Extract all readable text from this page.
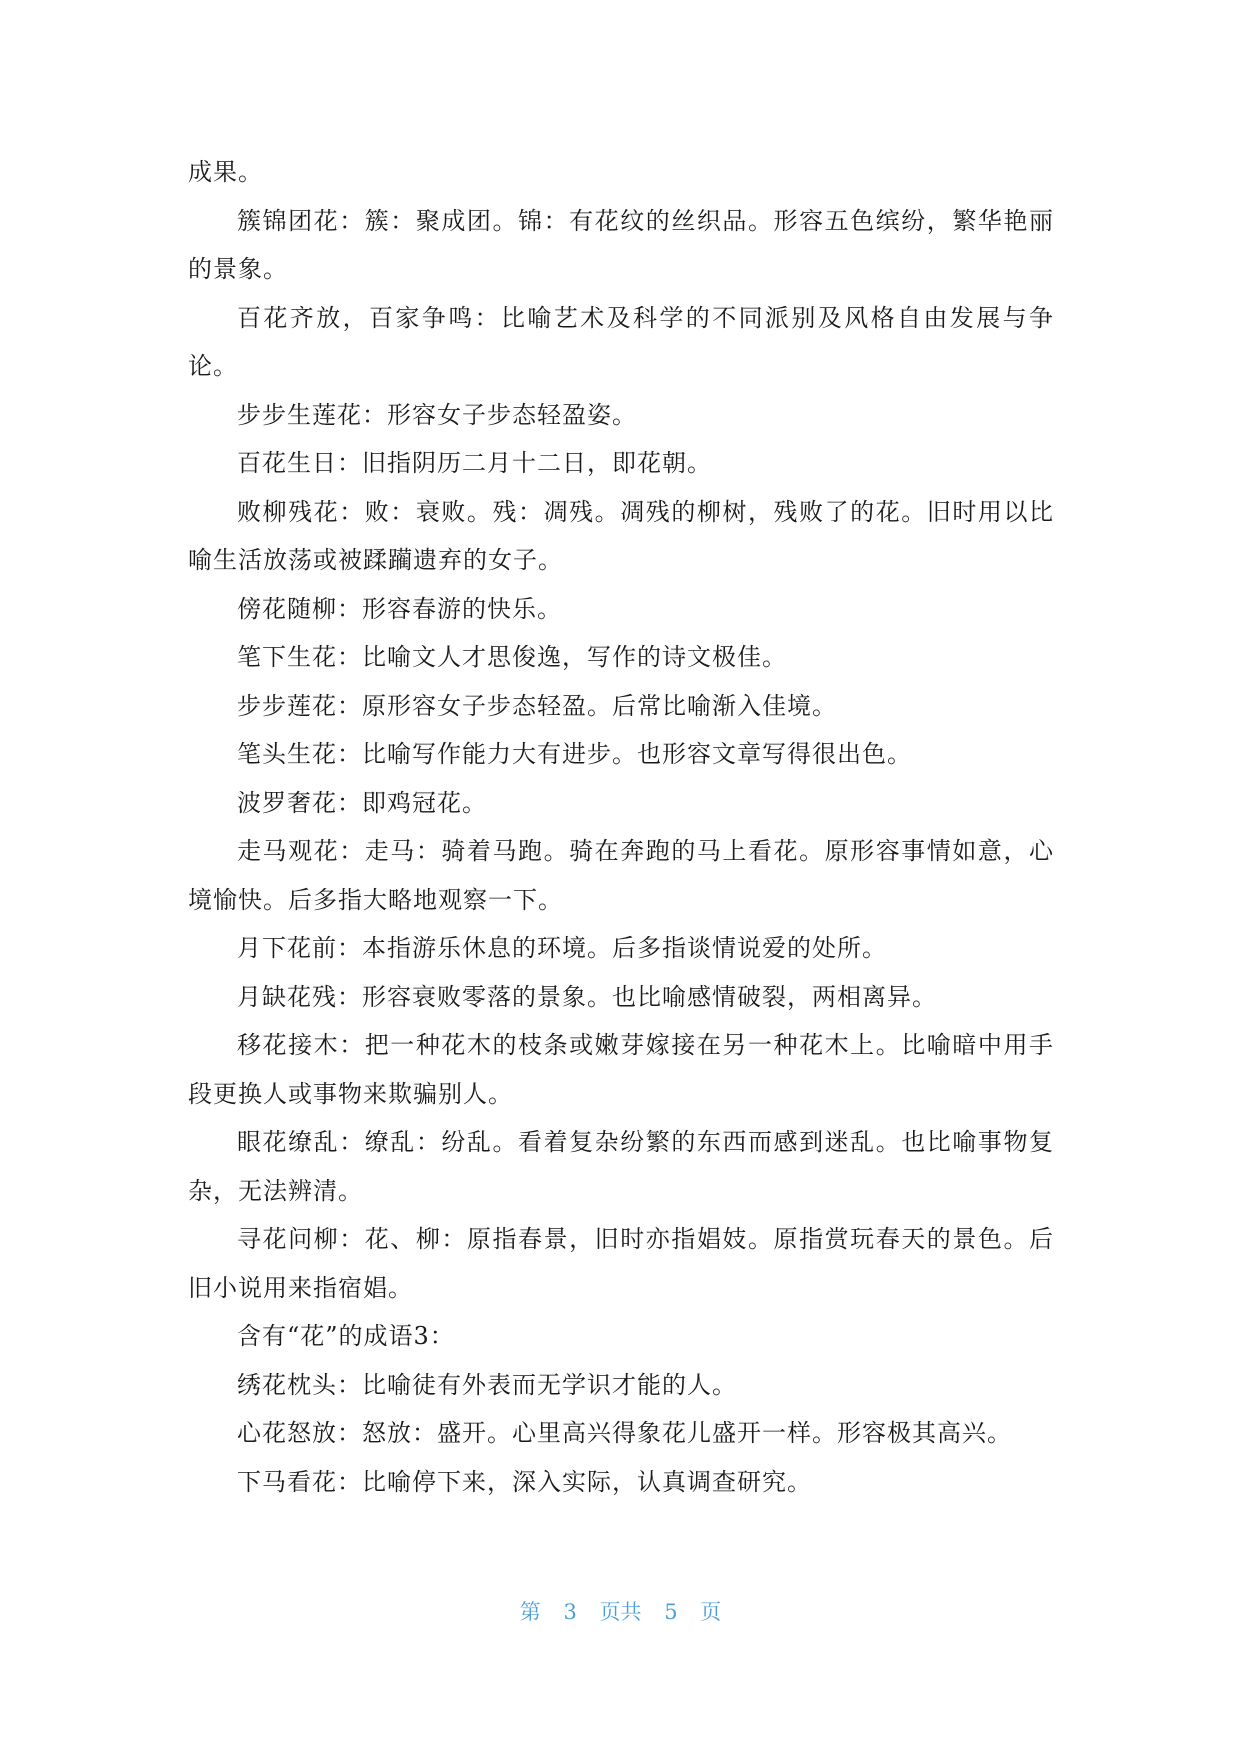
成果。

簇锦团花：簇：聚成团。锦：有花纹的丝织品。形容五色缤纷，繁华艳丽的景象。

百花齐放，百家争鸣：比喻艺术及科学的不同派别及风格自由发展与争论。

步步生莲花：形容女子步态轻盈姿。

百花生日：旧指阴历二月十二日，即花朝。

败柳残花：败：衰败。残：凋残。凋残的柳树，残败了的花。旧时用以比喻生活放荡或被蹂躏遗弃的女子。

傍花随柳：形容春游的快乐。

笔下生花：比喻文人才思俊逸，写作的诗文极佳。

步步莲花：原形容女子步态轻盈。后常比喻渐入佳境。

笔头生花：比喻写作能力大有进步。也形容文章写得很出色。

波罗奢花：即鸡冠花。

走马观花：走马：骑着马跑。骑在奔跑的马上看花。原形容事情如意，心境愉快。后多指大略地观察一下。

月下花前：本指游乐休息的环境。后多指谈情说爱的处所。

月缺花残：形容衰败零落的景象。也比喻感情破裂，两相离异。

移花接木：把一种花木的枝条或嫩芽嫁接在另一种花木上。比喻暗中用手段更换人或事物来欺骗别人。

眼花缭乱：缭乱：纷乱。看着复杂纷繁的东西而感到迷乱。也比喻事物复杂，无法辨清。

寻花问柳：花、柳：原指春景，旧时亦指娼妓。原指赏玩春天的景色。后旧小说用来指宿娼。

含有“花”的成语3：

绣花枕头：比喻徒有外表而无学识才能的人。

心花怒放：怒放：盛开。心里高兴得象花儿盛开一样。形容极其高兴。

下马看花：比喻停下来，深入实际，认真调查研究。

第 3 页共 5 页
